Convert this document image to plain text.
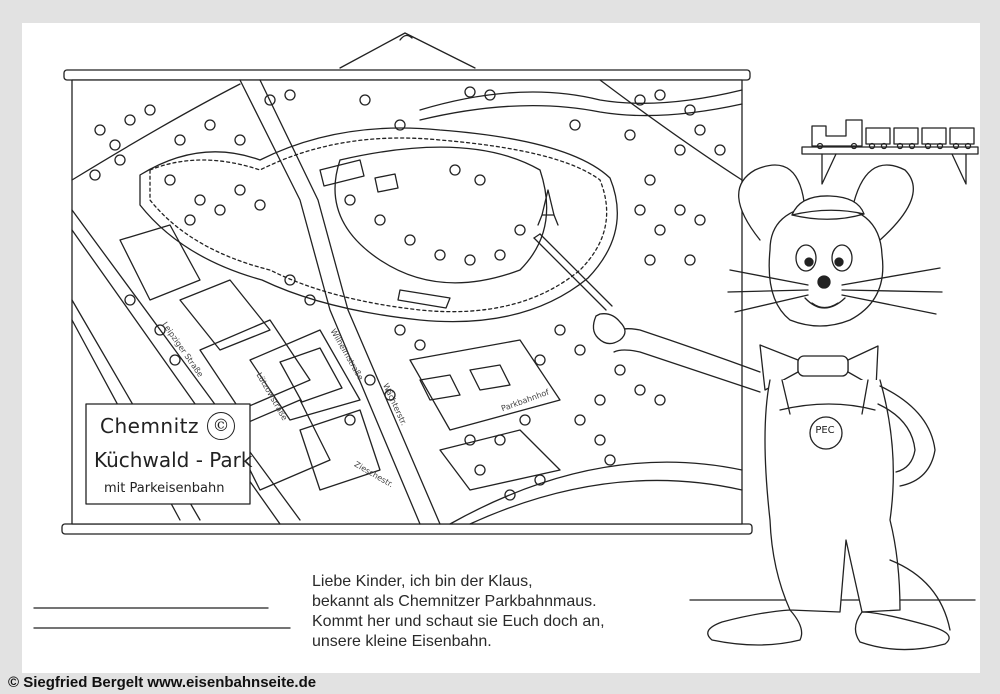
Chemnitz ©
Küchwald - Park
mit Parkeisenbahn
Leipziger Straße
Lützowstraße	Wächterstr.
Wilhelmstraße
Zieschestr.
Parkbahnhof
PEC
Liebe Kinder, ich bin der Klaus,
bekannt als Chemnitzer Parkbahnmaus.
Kommt her und schaut sie Euch doch an,
unsere kleine Eisenbahn.
© Siegfried Bergelt www.eisenbahnseite.de
